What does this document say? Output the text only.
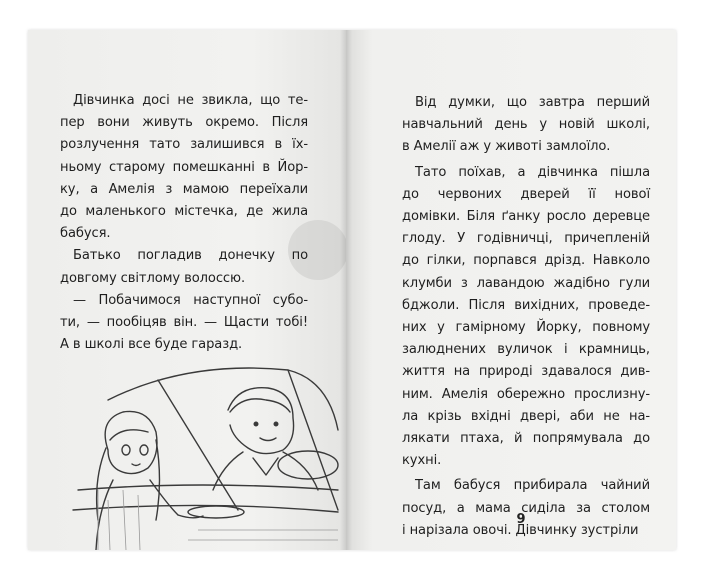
Дівчинка досі не звикла, що те-
пер вони живуть окремо. Після
розлучення тато залишився в їх-
ньому старому помешканні в Йор-
ку, а Амелія з мамою переїхали
до маленького містечка, де жила
бабуся.
Батько погладив донечку по
довгому світлому волоссю.
— Побачимося наступної субо-
ти, — пообіцяв він. — Щасти тобі!
А в школі все буде гаразд.
Від думки, що завтра перший
навчальний день у новій школі,
в Амелії аж у животі замлоїло.
Тато поїхав, а дівчинка пішла
до червоних дверей її нової
домівки. Біля ґанку росло деревце
глоду. У годівничці, причепленій
до гілки, порпався дрізд. Навколо
клумби з лавандою жадібно гули
бджоли. Після вихідних, проведе-
них у гамірному Йорку, повному
залюднених вуличок і крамниць,
життя на природі здавалося див-
ним. Амелія обережно прослизну-
ла крізь вхідні двері, аби не на-
лякати птаха, й попрямувала до
кухні.
Там бабуся прибирала чайний
посуд, а мама сиділа за столом
і нарізала овочі. Дівчинку зустріли
9
